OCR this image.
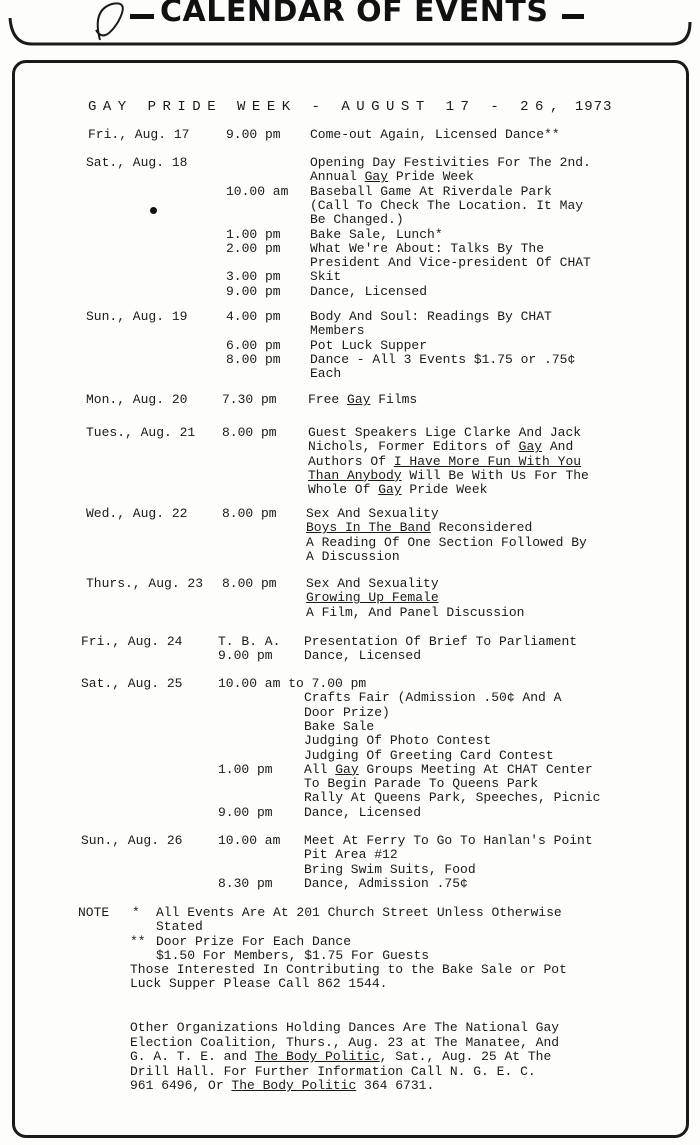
CALENDAR OF EVENTS
GAY PRIDE WEEK - AUGUST 17 - 26, 1973
Fri., Aug. 17	9.00 pm Come-out Again, Licensed Dance**
Sat., Aug. 18	Opening Day Festivities For The 2nd.
Annual Gay Pride Week
10.00 am Baseball Game At Riverdale Park
(Call To Check The Location. It May
Be Changed.)
1.00 pm Bake Sale, Lunch*
2.00 pm What We're About: Talks By The
President And Vice-president Of CHAT
3.00 pm Skit
9.00 pm Dance, Licensed
Sun., Aug. 19	4.00 pm Body And Soul: Readings By CHAT
Members
6.00 pm Pot Luck Supper
8.00 pm Dance - All 3 Events $1.75 or .75¢
Each
Mon., Aug. 20	7.30 pm Free Gay Films
Tues., Aug. 21 8.00 pm Guest Speakers Lige Clarke And Jack
Nichols, Former Editors of Gay And
Authors Of I Have More Fun With You
Than Anybody Will Be With Us For The
Whole Of Gay Pride Week
Wed., Aug. 22	8.00 pm Sex And Sexuality
Boys In The Band Reconsidered
A Reading Of One Section Followed By
A Discussion
Thurs., Aug. 23 8.00 pm Sex And Sexuality
Growing Up Female
A Film, And Panel Discussion
Fri., Aug. 24	T. B. A. Presentation Of Brief To Parliament
9.00 pm Dance, Licensed
Sat., Aug. 25	10.00 am to 7.00 pm
Crafts Fair (Admission .50¢ And A
Door Prize)
Bake Sale
Judging Of Photo Contest
Judging Of Greeting Card Contest
1.00 pm All Gay Groups Meeting At CHAT Center
To Begin Parade To Queens Park
Rally At Queens Park, Speeches, Picnic
9.00 pm Dance, Licensed
Sun., Aug. 26	10.00 am Meet At Ferry To Go To Hanlan's Point
Pit Area #12
Bring Swim Suits, Food
8.30 pm Dance, Admission .75¢
NOTE * All Events Are At 201 Church Street Unless Otherwise
Stated
** Door Prize For Each Dance
$1.50 For Members, $1.75 For Guests
Those Interested In Contributing to the Bake Sale or Pot
Luck Supper Please Call 862 1544.
Other Organizations Holding Dances Are The National Gay
Election Coalition, Thurs., Aug. 23 at The Manatee, And
G. A. T. E. and The Body Politic, Sat., Aug. 25 At The
Drill Hall. For Further Information Call N. G. E. C.
961 6496, Or The Body Politic 364 6731.
